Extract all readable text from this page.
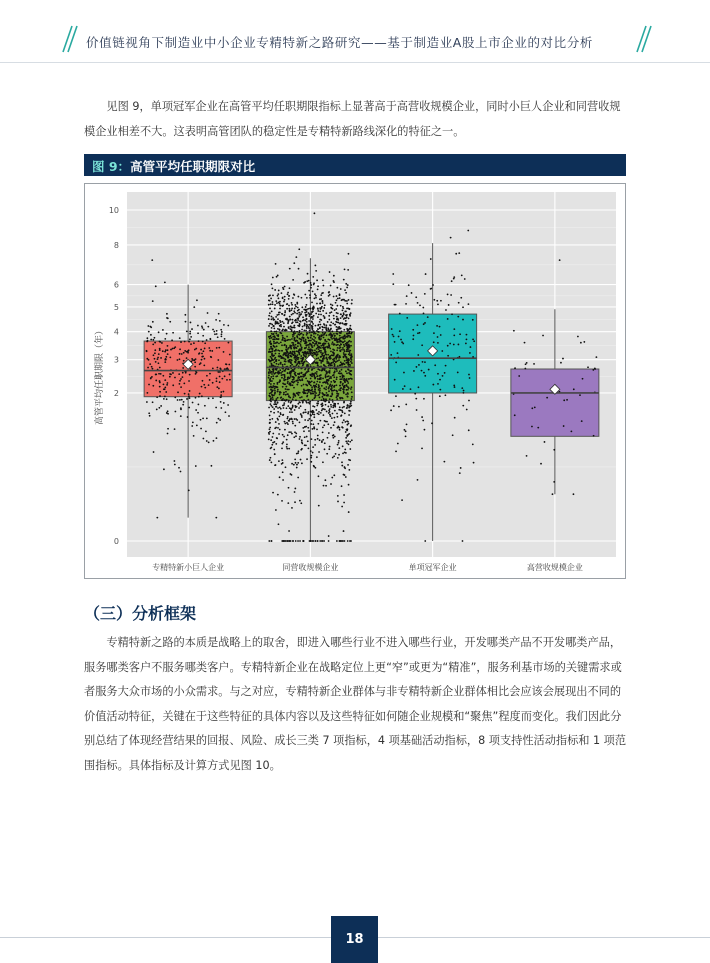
价值链视角下制造业中小企业专精特新之路研究——基于制造业A股上市企业的对比分析

见图 9，单项冠军企业在高管平均任职期限指标上显著高于高营收规模企业，同时小巨人企业和同营收规模企业相差不大。这表明高管团队的稳定性是专精特新路线深化的特征之一。

图 9：高管平均任职期限对比
0
2
3
4
5
6
8
10
专精特新小巨人企业	同营收规模企业	单项冠军企业	高营收规模企业
高管平均任职期限（年）
（三）分析框架

专精特新之路的本质是战略上的取舍，即进入哪些行业不进入哪些行业，开发哪类产品不开发哪类产品，服务哪类客户不服务哪类客户。专精特新企业在战略定位上更“窄”或更为“精准”，服务利基市场的关键需求或者服务大众市场的小众需求。与之对应，专精特新企业群体与非专精特新企业群体相比会应该会展现出不同的价值活动特征，关键在于这些特征的具体内容以及这些特征如何随企业规模和“聚焦”程度而变化。我们因此分别总结了体现经营结果的回报、风险、成长三类 7 项指标，4 项基础活动指标，8 项支持性活动指标和 1 项范围指标。具体指标及计算方式见图 10。

18
